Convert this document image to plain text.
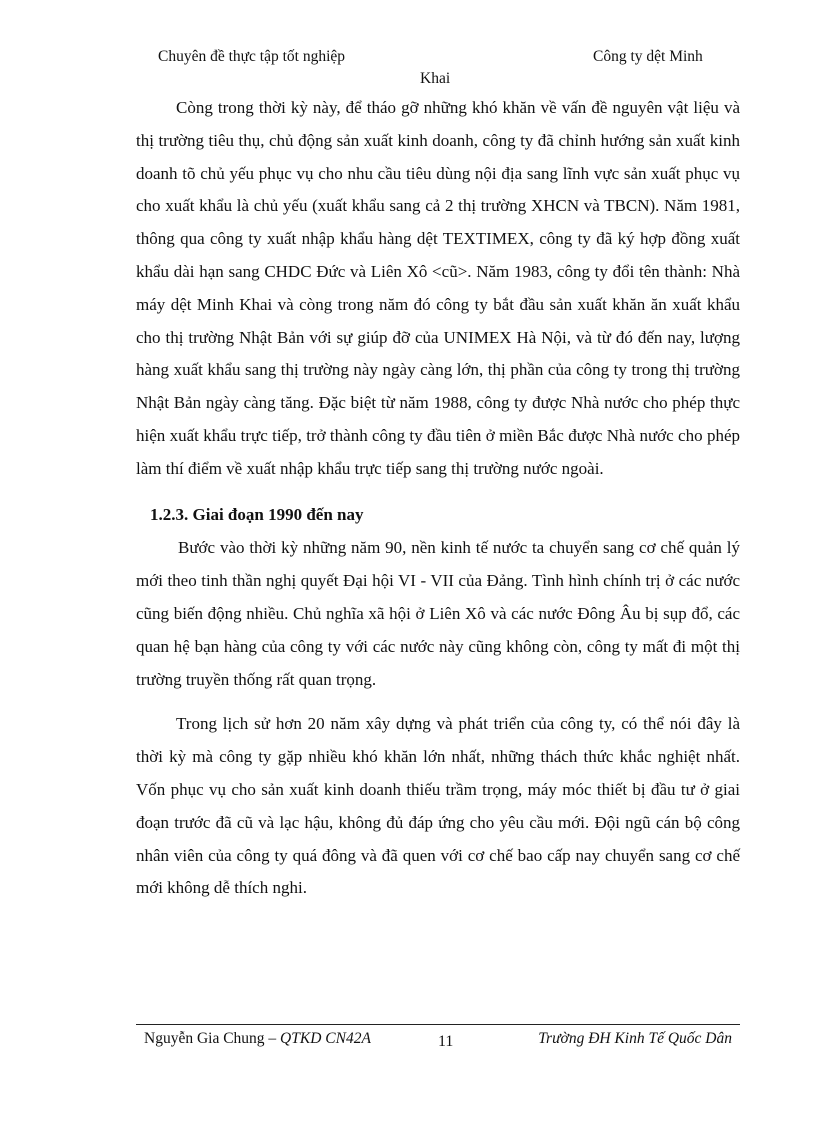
Chuyên đề thực tập tốt nghiệp	Công ty dệt Minh
Khai

Còng trong thời kỳ này, để tháo gỡ những khó khăn về vấn đề nguyên vật liệu và thị trường tiêu thụ, chủ động sản xuất kinh doanh, công ty đã chỉnh hướng sản xuất kinh doanh tõ chủ yếu phục vụ cho nhu cầu tiêu dùng nội địa sang lĩnh vực sản xuất phục vụ cho xuất khẩu là chủ yếu (xuất khẩu sang cả 2 thị trường XHCN và TBCN). Năm 1981, thông qua công ty xuất nhập khẩu hàng dệt TEXTIMEX, công ty đã ký hợp đồng xuất khẩu dài hạn sang CHDC Đức và Liên Xô <cũ>. Năm 1983, công ty đổi tên thành: Nhà máy dệt Minh Khai và còng trong năm đó công ty bắt đầu sản xuất khăn ăn xuất khẩu cho thị trường Nhật Bản với sự giúp đỡ của UNIMEX Hà Nội, và từ đó đến nay, lượng hàng xuất khẩu sang thị trường này ngày càng lớn, thị phần của công ty trong thị trường Nhật Bản ngày càng tăng. Đặc biệt từ năm 1988, công ty được Nhà nước cho phép thực hiện xuất khẩu trực tiếp, trở thành công ty đầu tiên ở miền Bắc được Nhà nước cho phép làm thí điểm về xuất nhập khẩu trực tiếp sang thị trường nước ngoài.

1.2.3. Giai đoạn 1990 đến nay

Bước vào thời kỳ những năm 90, nền kinh tế nước ta chuyển sang cơ chế quản lý mới theo tinh thần nghị quyết Đại hội VI - VII của Đảng. Tình hình chính trị ở các nước cũng biến động nhiều. Chủ nghĩa xã hội ở Liên Xô và các nước Đông Âu bị sụp đổ, các quan hệ bạn hàng của công ty với các nước này cũng không còn, công ty mất đi một thị trường truyền thống rất quan trọng.

Trong lịch sử hơn 20 năm xây dựng và phát triển của công ty, có thể nói đây là thời kỳ mà công ty gặp nhiều khó khăn lớn nhất, những thách thức khắc nghiệt nhất. Vốn phục vụ cho sản xuất kinh doanh thiếu trầm trọng, máy móc thiết bị đầu tư ở giai đoạn trước đã cũ và lạc hậu, không đủ đáp ứng cho yêu cầu mới. Đội ngũ cán bộ công nhân viên của công ty quá đông và đã quen với cơ chế bao cấp nay chuyển sang cơ chế mới không dễ thích nghi.

Nguyễn Gia Chung – QTKD CN42A	11	Trường ĐH Kinh Tế Quốc Dân
